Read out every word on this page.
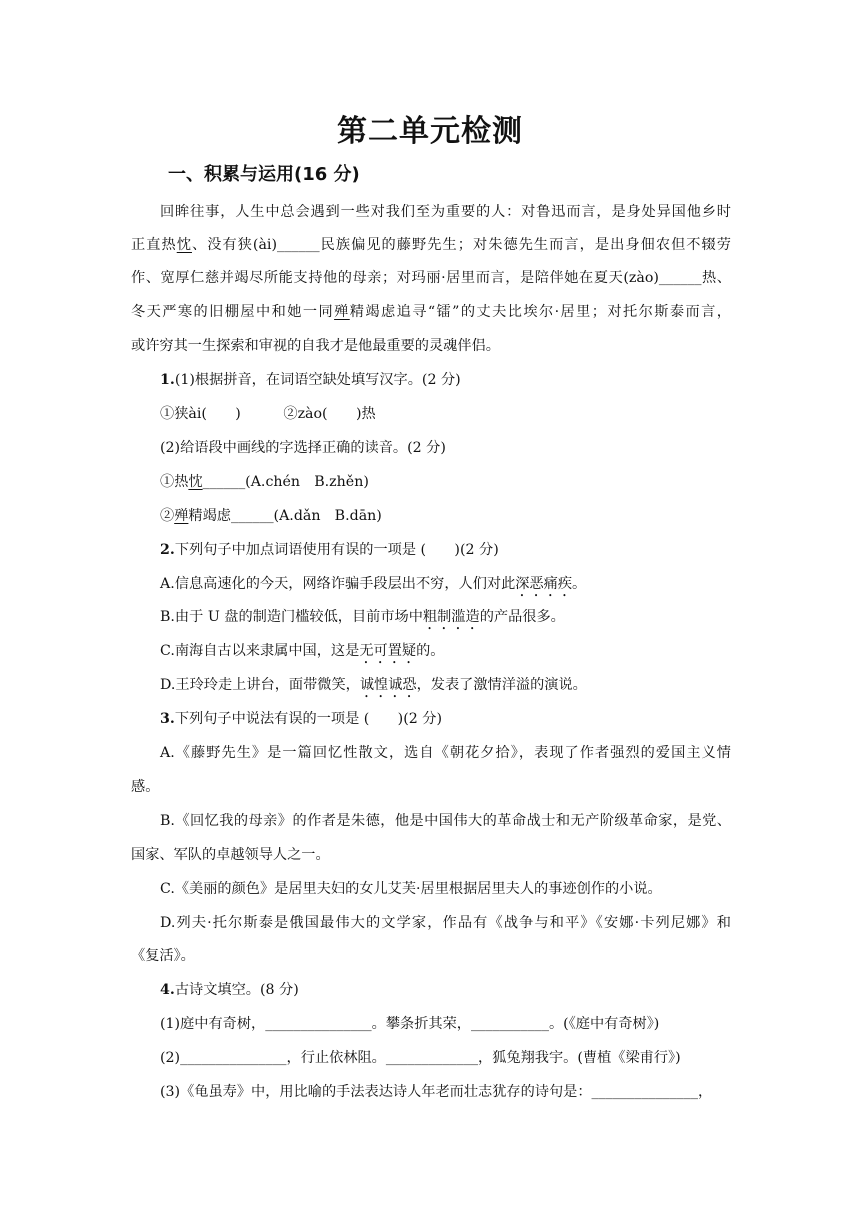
第二单元检测
一、积累与运用(16 分)
回眸往事，人生中总会遇到一些对我们至为重要的人：对鲁迅而言，是身处异国他乡时
正直热忱、没有狭(ài)______民族偏见的藤野先生；对朱德先生而言，是出身佃农但不辍劳
作、宽厚仁慈并竭尽所能支持他的母亲；对玛丽·居里而言，是陪伴她在夏天(zào)______热、
冬天严寒的旧棚屋中和她一同殚精竭虑追寻“镭”的丈夫比埃尔·居里；对托尔斯泰而言，
或许穷其一生探索和审视的自我才是他最重要的灵魂伴侣。
1.(1)根据拼音，在词语空缺处填写汉字。(2 分)
①狭ài(　　)　　　②zào(　　)热
(2)给语段中画线的字选择正确的读音。(2 分)
①热忱______(A.chén　B.zhěn)
②殚精竭虑______(A.dǎn　B.dān)
2.下列句子中加点词语使用有误的一项是 (　　)(2 分)
A.信息高速化的今天，网络诈骗手段层出不穷，人们对此深恶痛疾。
B.由于 U 盘的制造门槛较低，目前市场中粗制滥造的产品很多。
C.南海自古以来隶属中国，这是无可置疑的。
D.王玲玲走上讲台，面带微笑，诚惶诚恐，发表了激情洋溢的演说。
3.下列句子中说法有误的一项是 (　　)(2 分)
A.《藤野先生》是一篇回忆性散文，选自《朝花夕拾》，表现了作者强烈的爱国主义情
感。
B.《回忆我的母亲》的作者是朱德，他是中国伟大的革命战士和无产阶级革命家，是党、
国家、军队的卓越领导人之一。
C.《美丽的颜色》是居里夫妇的女儿艾芙·居里根据居里夫人的事迹创作的小说。
D.列夫·托尔斯泰是俄国最伟大的文学家，作品有《战争与和平》《安娜·卡列尼娜》和
《复活》。
4.古诗文填空。(8 分)
(1)庭中有奇树，_______________。攀条折其荣，___________。(《庭中有奇树》)
(2)_______________，行止依林阻。_____________，狐兔翔我宇。(曹植《梁甫行》)
(3)《龟虽寿》中，用比喻的手法表达诗人年老而壮志犹存的诗句是：_______________，
